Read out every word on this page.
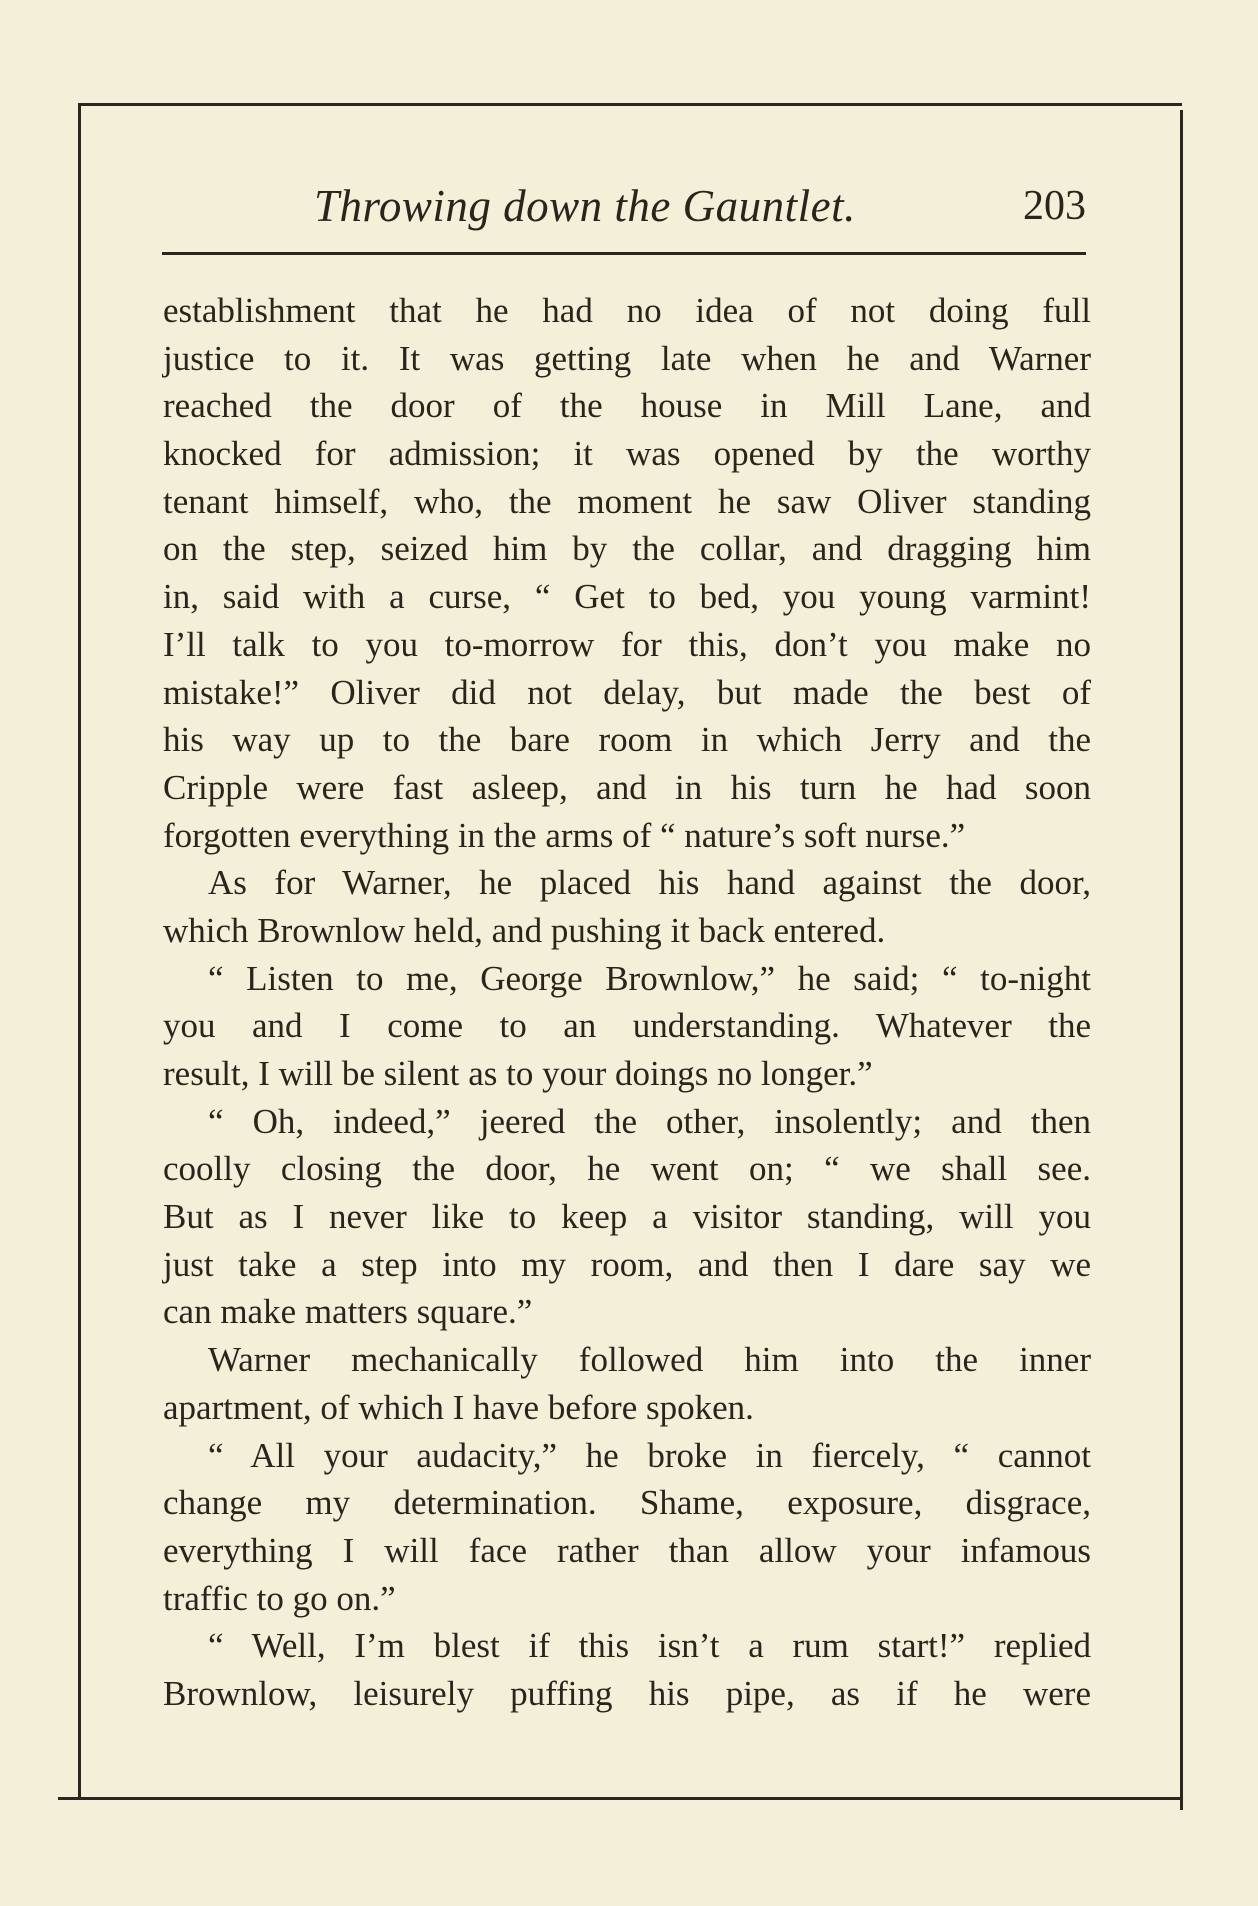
Throwing down the Gauntlet.	203
establishment that he had no idea of not doing full
justice to it. It was getting late when he and Warner
reached the door of the house in Mill Lane, and
knocked for admission; it was opened by the worthy
tenant himself, who, the moment he saw Oliver standing
on the step, seized him by the collar, and dragging him
in, said with a curse, “ Get to bed, you young varmint!
I’ll talk to you to-morrow for this, don’t you make no
mistake!” Oliver did not delay, but made the best of
his way up to the bare room in which Jerry and the
Cripple were fast asleep, and in his turn he had soon
forgotten everything in the arms of “ nature’s soft nurse.”
As for Warner, he placed his hand against the door,
which Brownlow held, and pushing it back entered.
“ Listen to me, George Brownlow,” he said; “ to-night
you and I come to an understanding. Whatever the
result, I will be silent as to your doings no longer.”
“ Oh, indeed,” jeered the other, insolently; and then
coolly closing the door, he went on; “ we shall see.
But as I never like to keep a visitor standing, will you
just take a step into my room, and then I dare say we
can make matters square.”
Warner mechanically followed him into the inner
apartment, of which I have before spoken.
“ All your audacity,” he broke in fiercely, “ cannot
change my determination. Shame, exposure, disgrace,
everything I will face rather than allow your infamous
traffic to go on.”
“ Well, I’m blest if this isn’t a rum start!” replied
Brownlow, leisurely puffing his pipe, as if he were
